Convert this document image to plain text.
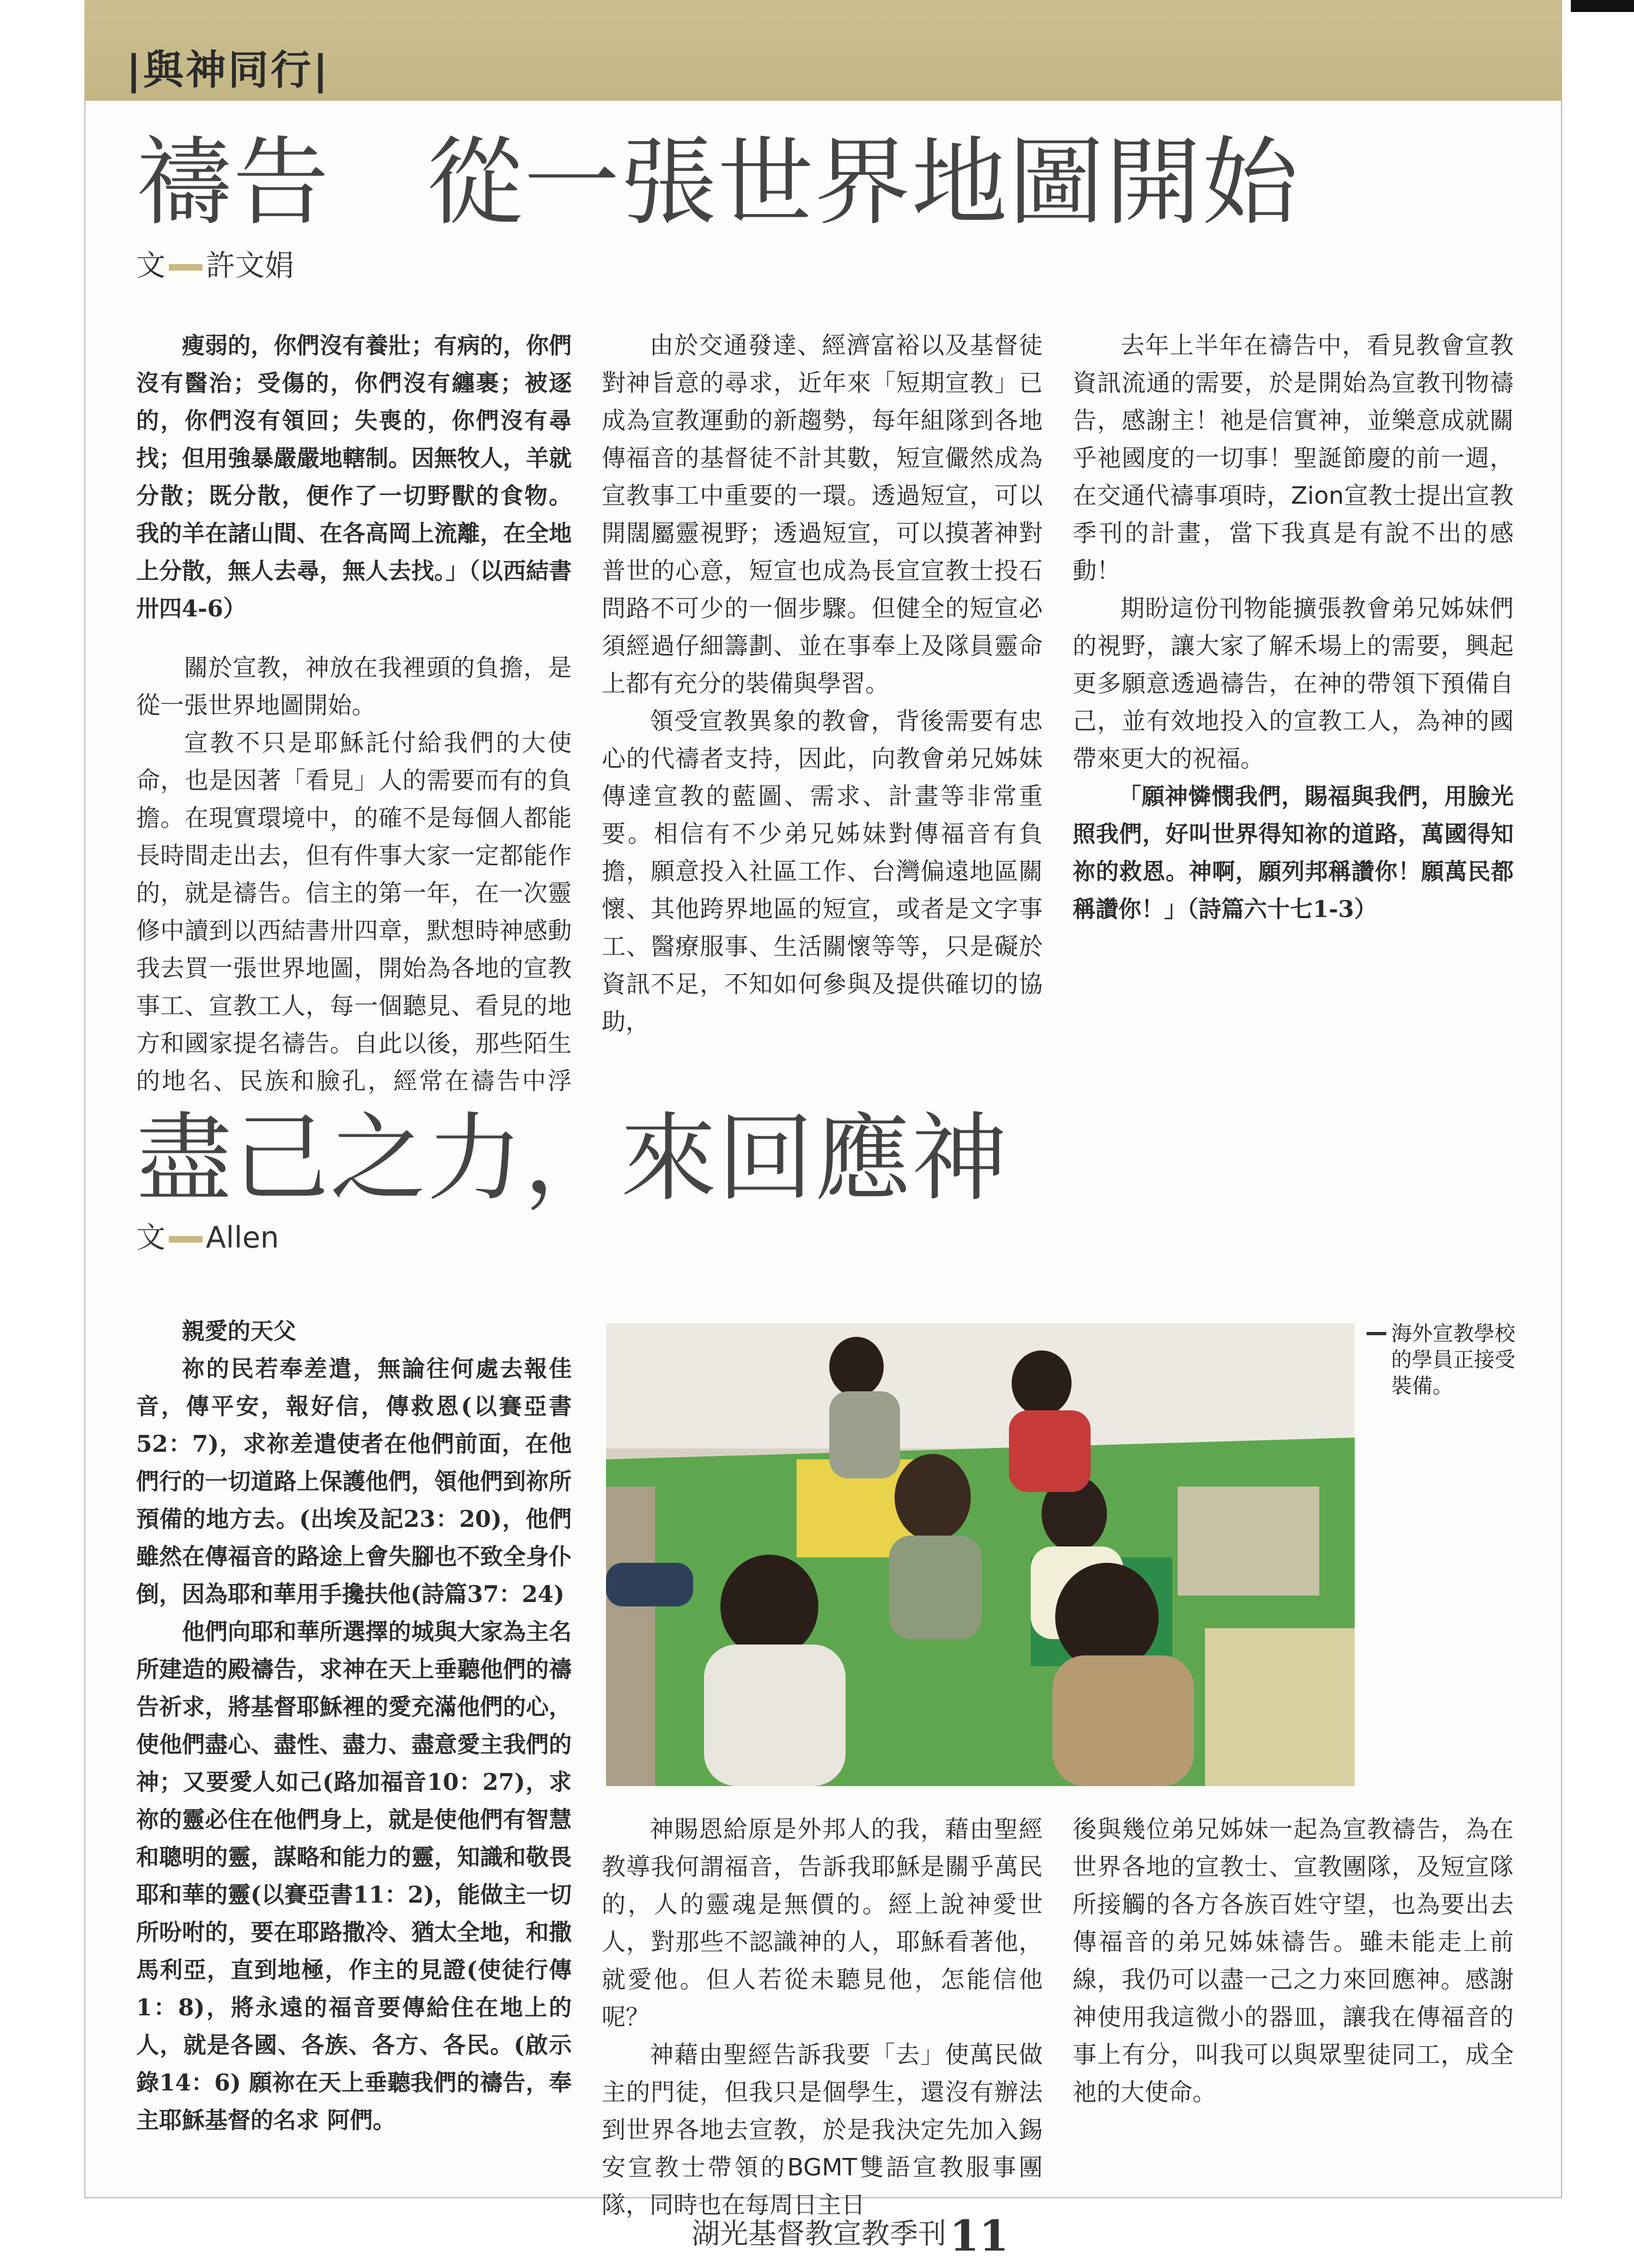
|與神同行|
禱告　從一張世界地圖開始
文 許文娟

瘦弱的，你們沒有養壯；有病的，你們沒有醫治；受傷的，你們沒有纏裹；被逐的，你們沒有領回；失喪的，你們沒有尋找；但用強暴嚴嚴地轄制。因無牧人，羊就分散；既分散，便作了一切野獸的食物。 我的羊在諸山間、在各高岡上流離，在全地上分散，無人去尋，無人去找。」（以西結書卅四4-6）

關於宣教，神放在我裡頭的負擔，是從一張世界地圖開始。

宣教不只是耶穌託付給我們的大使命，也是因著「看見」人的需要而有的負擔。在現實環境中，的確不是每個人都能長時間走出去，但有件事大家一定都能作的，就是禱告。信主的第一年，在一次靈修中讀到以西結書卅四章，默想時神感動我去買一張世界地圖，開始為各地的宣教事工、宣教工人，每一個聽見、看見的地方和國家提名禱告。自此以後，那些陌生的地名、民族和臉孔，經常在禱告中浮

由於交通發達、經濟富裕以及基督徒對神旨意的尋求，近年來「短期宣教」已成為宣教運動的新趨勢，每年組隊到各地傳福音的基督徒不計其數，短宣儼然成為宣教事工中重要的一環。透過短宣，可以開闊屬靈視野；透過短宣，可以摸著神對普世的心意，短宣也成為長宣宣教士投石問路不可少的一個步驟。但健全的短宣必須經過仔細籌劃、並在事奉上及隊員靈命上都有充分的裝備與學習。

領受宣教異象的教會，背後需要有忠心的代禱者支持，因此，向教會弟兄姊妹傳達宣教的藍圖、需求、計畫等非常重要。相信有不少弟兄姊妹對傳福音有負擔，願意投入社區工作、台灣偏遠地區關懷、其他跨界地區的短宣，或者是文字事工、醫療服事、生活關懷等等，只是礙於資訊不足，不知如何參與及提供確切的協助，

去年上半年在禱告中，看見教會宣教資訊流通的需要，於是開始為宣教刊物禱告，感謝主！祂是信實神，並樂意成就關乎祂國度的一切事！聖誕節慶的前一週，在交通代禱事項時，Zion宣教士提出宣教季刊的計畫，當下我真是有說不出的感動！

期盼這份刊物能擴張教會弟兄姊妹們的視野，讓大家了解禾場上的需要，興起更多願意透過禱告，在神的帶領下預備自己，並有效地投入的宣教工人，為神的國帶來更大的祝福。

「願神憐憫我們，賜福與我們，用臉光照我們，好叫世界得知祢的道路，萬國得知祢的救恩。神啊，願列邦稱讚你！願萬民都稱讚你！」（詩篇六十七1-3）

盡己之力，來回應神
文 Allen

親愛的天父

祢的民若奉差遣，無論往何處去報佳音，傳平安，報好信，傳救恩(以賽亞書52：7)，求祢差遣使者在他們前面，在他們行的一切道路上保護他們，領他們到祢所預備的地方去。(出埃及記23：20)，他們雖然在傳福音的路途上會失腳也不致全身仆倒，因為耶和華用手攙扶他(詩篇37：24)

他們向耶和華所選擇的城與大家為主名所建造的殿禱告，求神在天上垂聽他們的禱告祈求，將基督耶穌裡的愛充滿他們的心，使他們盡心、盡性、盡力、盡意愛主我們的神；又要愛人如己(路加福音10：27)，求祢的靈必住在他們身上，就是使他們有智慧和聰明的靈，謀略和能力的靈，知識和敬畏耶和華的靈(以賽亞書11：2)，能做主一切所吩咐的，要在耶路撒冷、猶太全地，和撒馬利亞，直到地極，作主的見證(使徒行傳1：8)，將永遠的福音要傳給住在地上的人，就是各國、各族、各方、各民。(啟示錄14：6) 願祢在天上垂聽我們的禱告，奉主耶穌基督的名求 阿們。

海外宣教學校的學員正接受裝備。

神賜恩給原是外邦人的我，藉由聖經教導我何謂福音，告訴我耶穌是關乎萬民的，人的靈魂是無價的。經上說神愛世人，對那些不認識神的人，耶穌看著他，就愛他。但人若從未聽見他，怎能信他呢？

神藉由聖經告訴我要「去」使萬民做主的門徒，但我只是個學生，還沒有辦法到世界各地去宣教，於是我決定先加入錫安宣教士帶領的BGMT雙語宣教服事團隊，同時也在每周日主日

後與幾位弟兄姊妹一起為宣教禱告，為在世界各地的宣教士、宣教團隊，及短宣隊所接觸的各方各族百姓守望，也為要出去傳福音的弟兄姊妹禱告。雖未能走上前線，我仍可以盡一己之力來回應神。感謝神使用我這微小的器皿，讓我在傳福音的事上有分，叫我可以與眾聖徒同工，成全祂的大使命。

湖光基督教宣教季刊11
